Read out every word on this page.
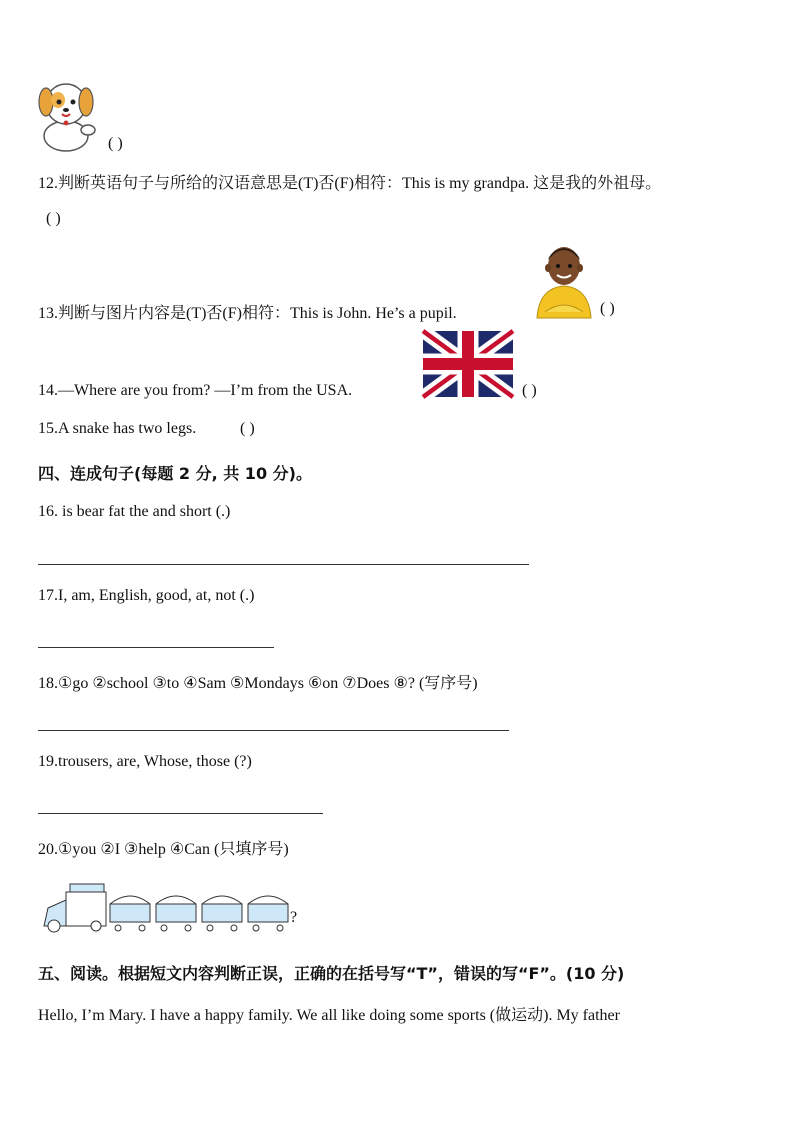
( )
12.判断英语句子与所给的汉语意思是(T)否(F)相符：This is my grandpa. 这是我的外祖母。
( )
13.判断与图片内容是(T)否(F)相符：This is John. He’s a pupil.	( )
14.—Where are you from? —I’m from the USA.	( )
15.A snake has two legs.	( )
四、连成句子(每题 2 分, 共 10 分)。
16. is bear fat the and short (.)
17.I, am, English, good, at, not (.)
18.①go ②school ③to ④Sam ⑤Mondays ⑥on ⑦Does ⑧? (写序号)
19.trousers, are, Whose, those (?)
20.①you ②I ③help ④Can (只填序号)
?
五、阅读。根据短文内容判断正误，正确的在括号写“T”，错误的写“F”。(10 分)
Hello, I’m Mary. I have a happy family. We all like doing some sports (做运动). My father
